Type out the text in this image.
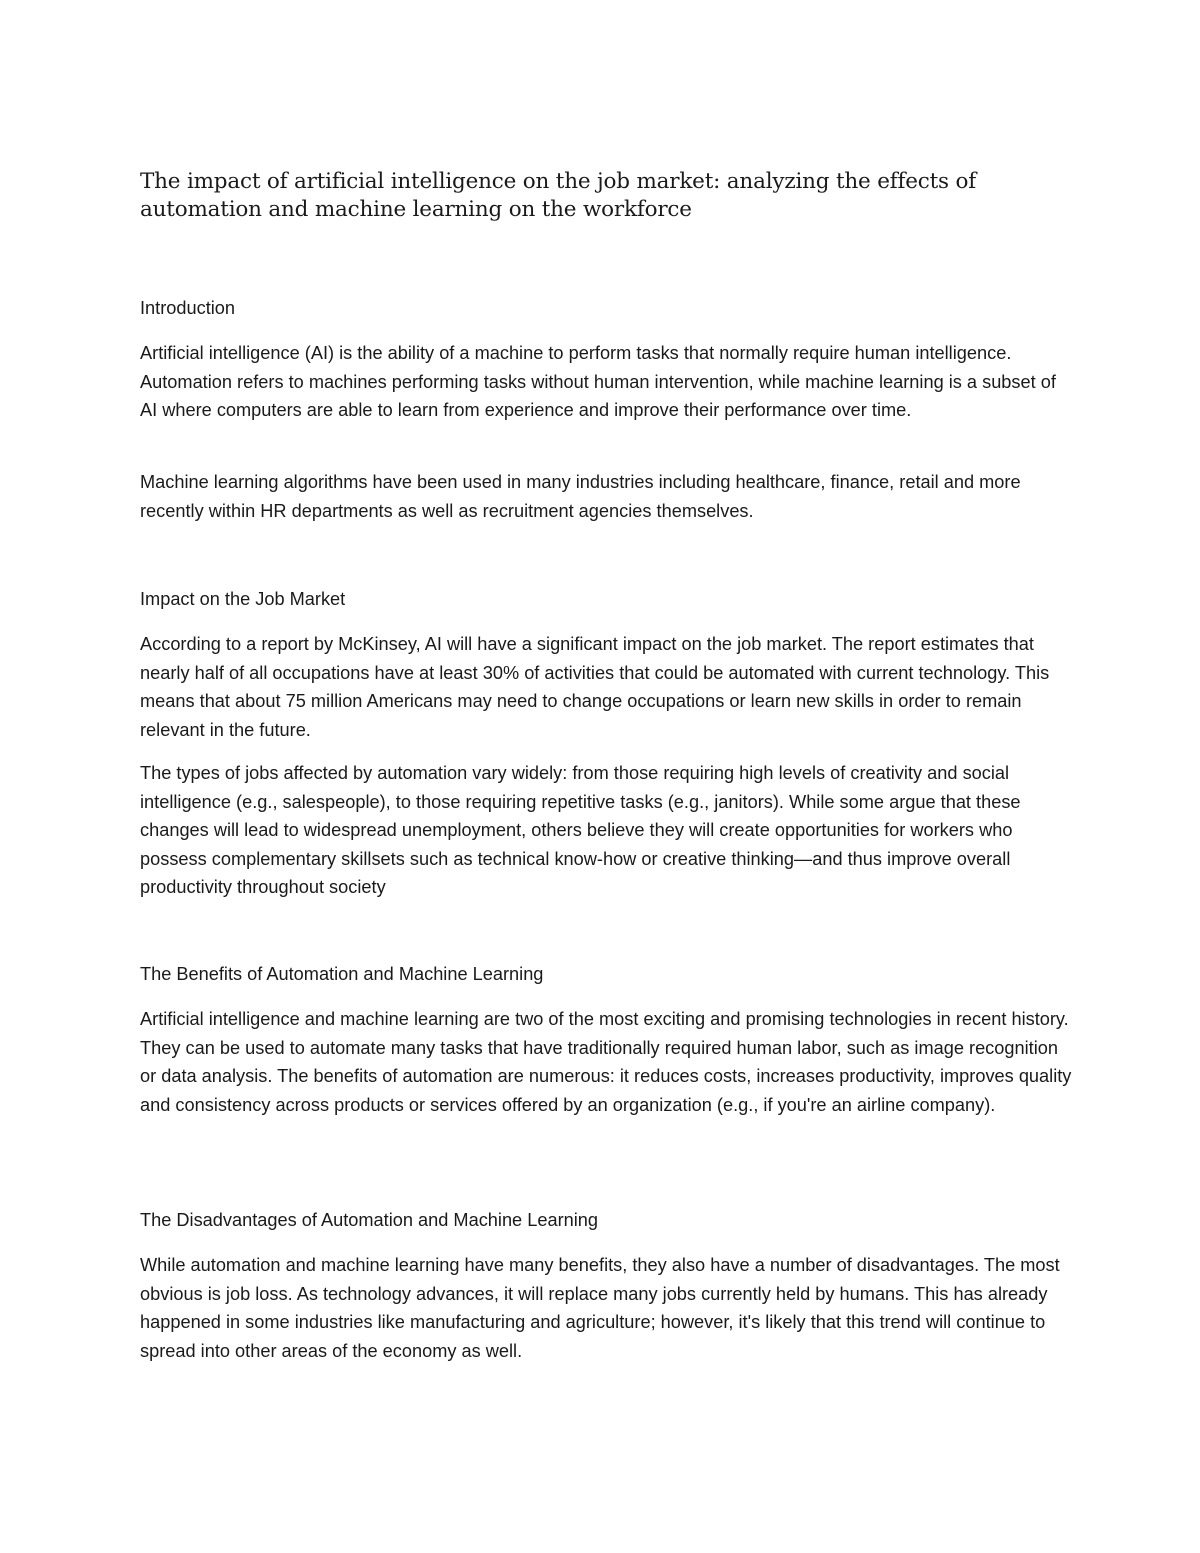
The impact of artificial intelligence on the job market: analyzing the effects of automation and machine learning on the workforce
Introduction

Artificial intelligence (AI) is the ability of a machine to perform tasks that normally require human intelligence. Automation refers to machines performing tasks without human intervention, while machine learning is a subset of AI where computers are able to learn from experience and improve their performance over time.

Machine learning algorithms have been used in many industries including healthcare, finance, retail and more recently within HR departments as well as recruitment agencies themselves.

Impact on the Job Market

According to a report by McKinsey, AI will have a significant impact on the job market. The report estimates that nearly half of all occupations have at least 30% of activities that could be automated with current technology. This means that about 75 million Americans may need to change occupations or learn new skills in order to remain relevant in the future.

The types of jobs affected by automation vary widely: from those requiring high levels of creativity and social intelligence (e.g., salespeople), to those requiring repetitive tasks (e.g., janitors). While some argue that these changes will lead to widespread unemployment, others believe they will create opportunities for workers who possess complementary skillsets such as technical know-how or creative thinking—and thus improve overall productivity throughout society

The Benefits of Automation and Machine Learning

Artificial intelligence and machine learning are two of the most exciting and promising technologies in recent history. They can be used to automate many tasks that have traditionally required human labor, such as image recognition or data analysis. The benefits of automation are numerous: it reduces costs, increases productivity, improves quality and consistency across products or services offered by an organization (e.g., if you're an airline company).

The Disadvantages of Automation and Machine Learning

While automation and machine learning have many benefits, they also have a number of disadvantages. The most obvious is job loss. As technology advances, it will replace many jobs currently held by humans. This has already happened in some industries like manufacturing and agriculture; however, it's likely that this trend will continue to spread into other areas of the economy as well.
